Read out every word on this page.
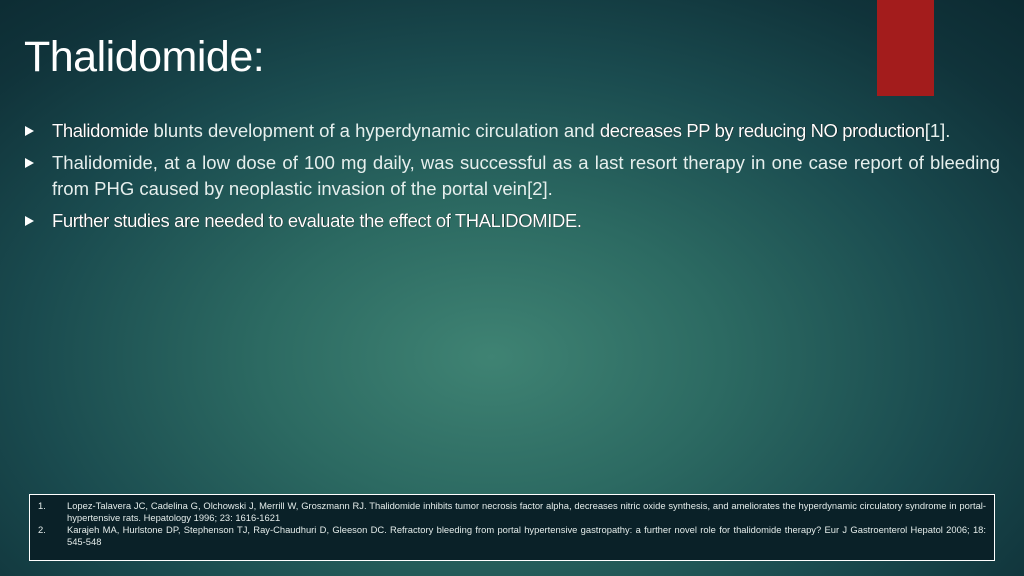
Thalidomide:
Thalidomide blunts development of a hyperdynamic circulation and decreases PP by reducing NO production[1].
Thalidomide, at a low dose of 100 mg daily, was successful as a last resort therapy in one case report of bleeding from PHG caused by neoplastic invasion of the portal vein[2].
Further studies are needed to evaluate the effect of THALIDOMIDE.
1. Lopez-Talavera JC, Cadelina G, Olchowski J, Merrill W, Groszmann RJ. Thalidomide inhibits tumor necrosis factor alpha, decreases nitric oxide synthesis, and ameliorates the hyperdynamic circulatory syndrome in portal-hypertensive rats. Hepatology 1996; 23: 1616-1621
2. Karajeh MA, Hurlstone DP, Stephenson TJ, Ray-Chaudhuri D, Gleeson DC. Refractory bleeding from portal hypertensive gastropathy: a further novel role for thalidomide therapy? Eur J Gastroenterol Hepatol 2006; 18: 545-548
